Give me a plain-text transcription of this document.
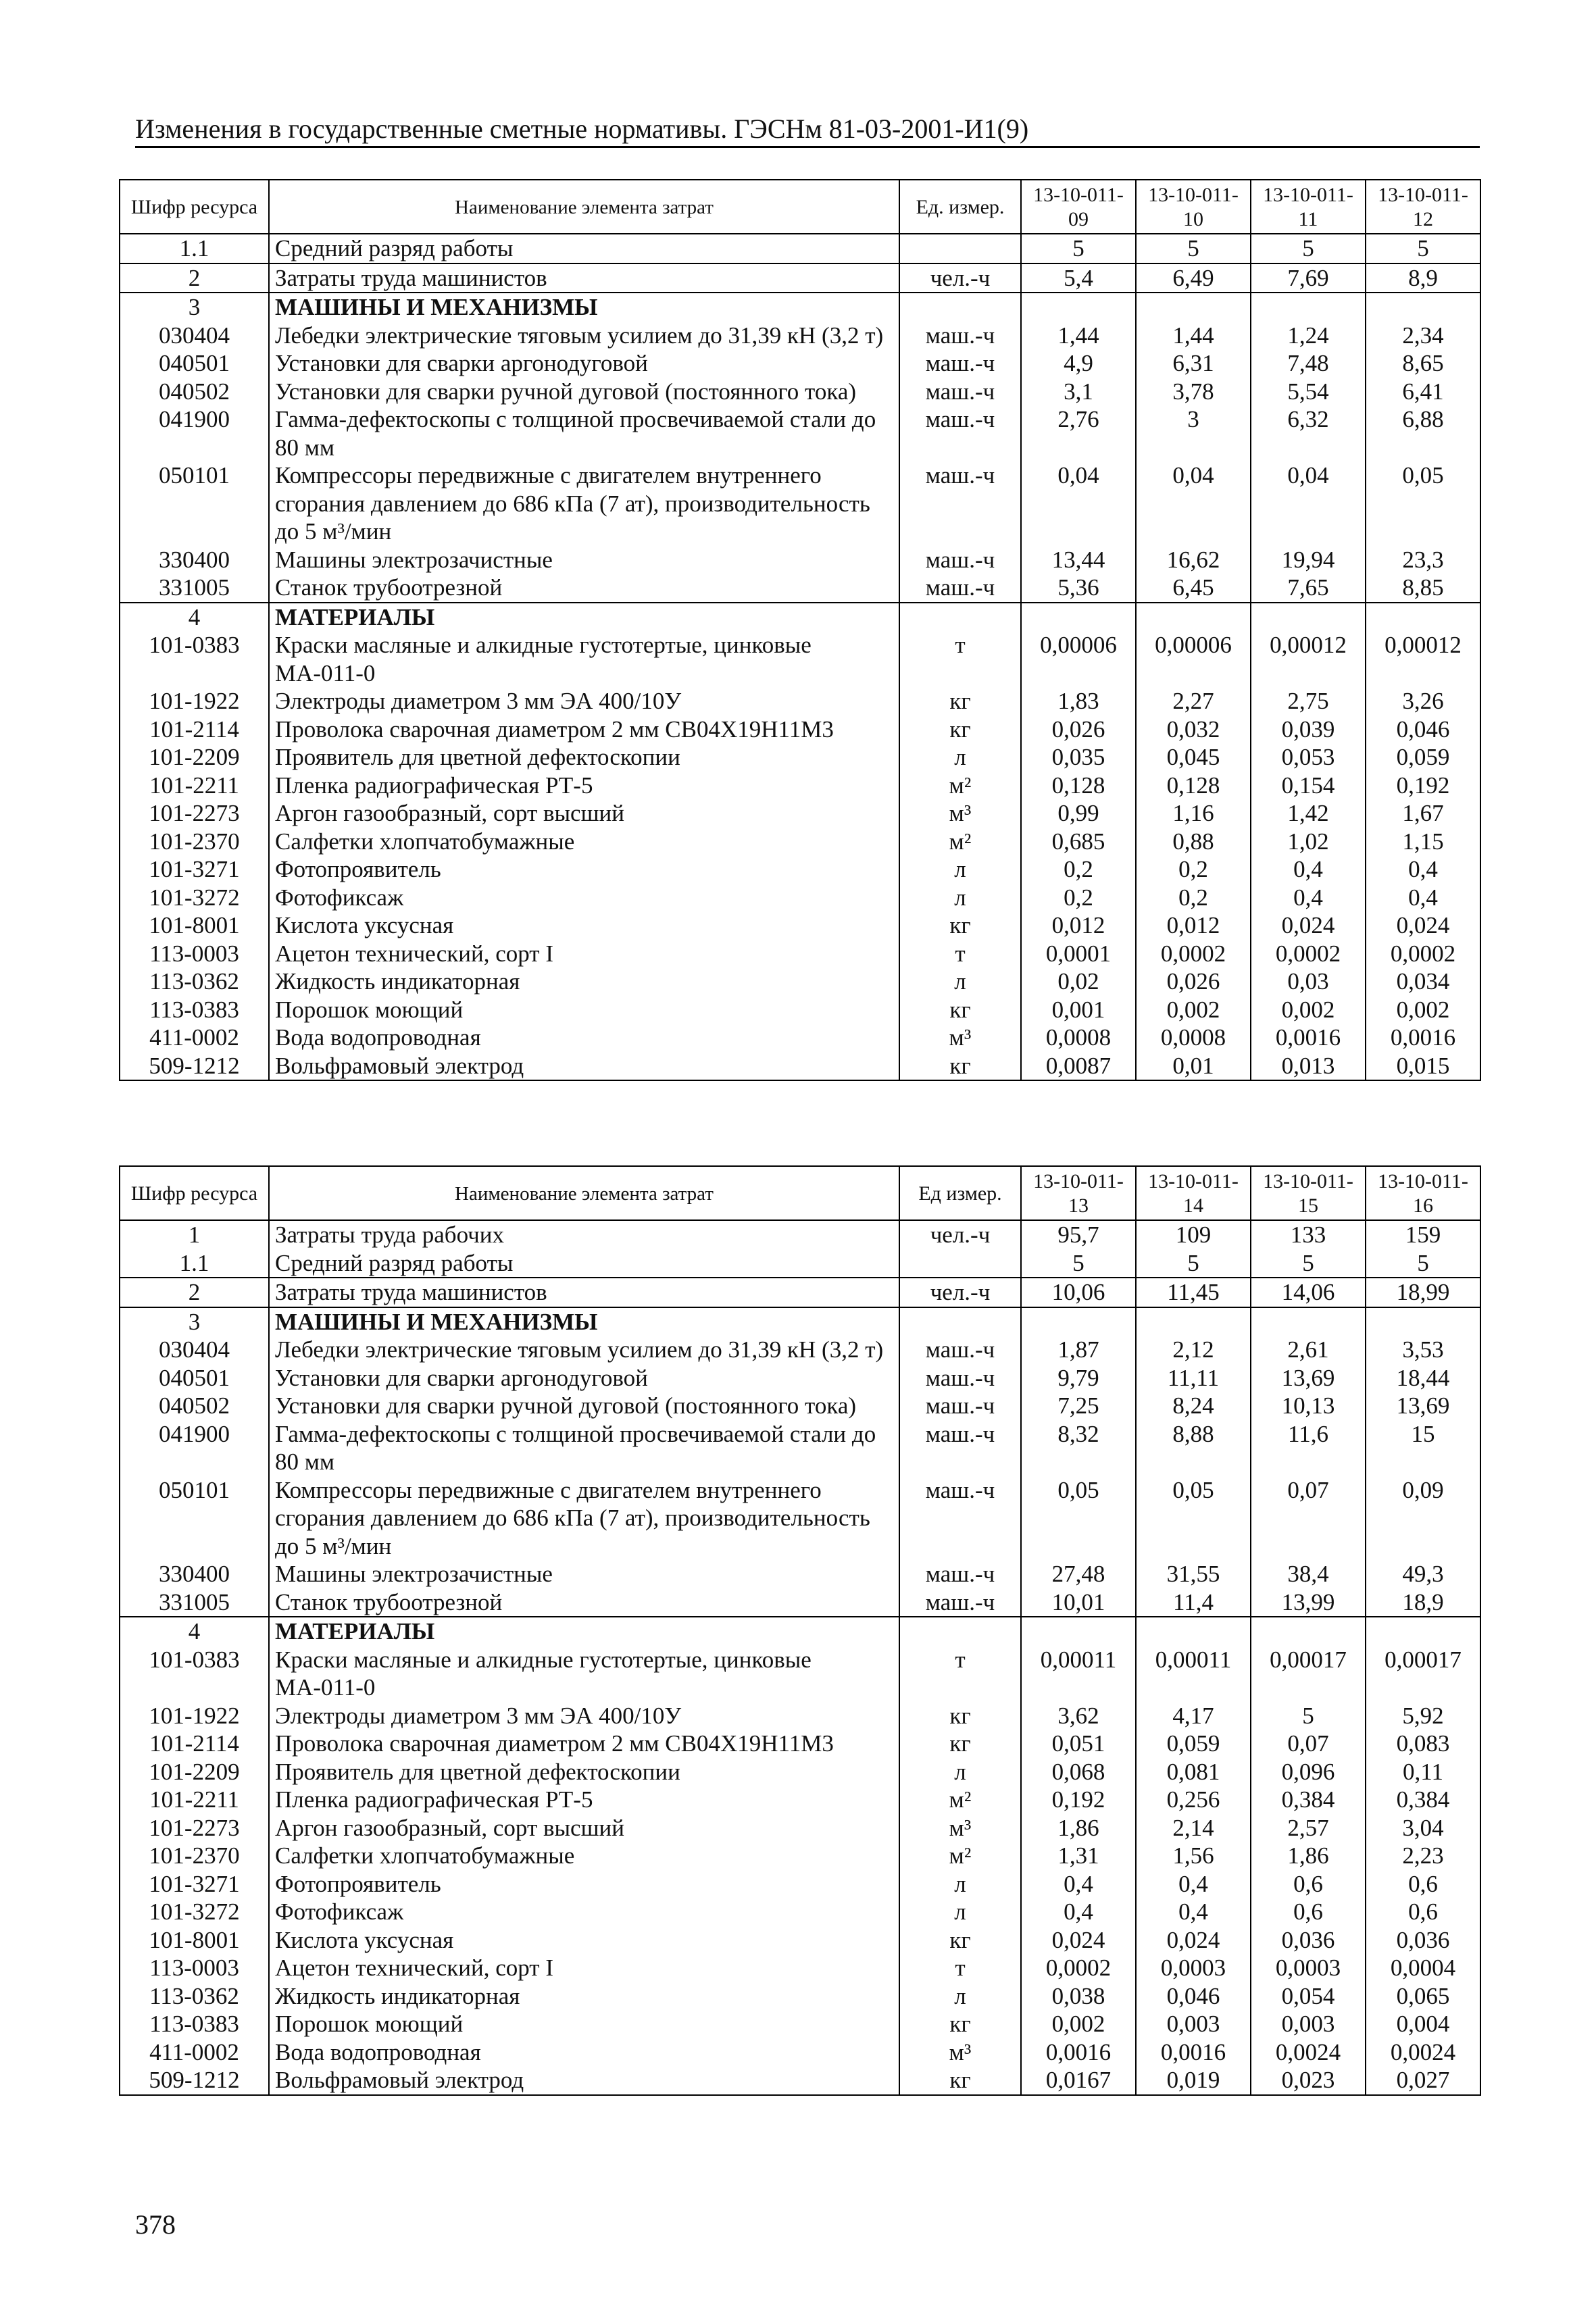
Изменения в государственные сметные нормативы. ГЭСНм 81-03-2001-И1(9)
Шифр ресурса	Наименование элемента затрат	Ед. измер.	13-10-011-09	13-10-011-10	13-10-011-11	13-10-011-12
1.1	Средний разряд работы		5	5	5	5
2	Затраты труда машинистов	чел.-ч	5,4	6,49	7,69	8,9
3	МАШИНЫ И МЕХАНИЗМЫ					
030404	Лебедки электрические тяговым усилием до 31,39 кН (3,2 т)	маш.-ч	1,44	1,44	1,24	2,34
040501	Установки для сварки аргонодуговой	маш.-ч	4,9	6,31	7,48	8,65
040502	Установки для сварки ручной дуговой (постоянного тока)	маш.-ч	3,1	3,78	5,54	6,41
041900	Гамма-дефектоскопы с толщиной просвечиваемой стали до 80 мм	маш.-ч	2,76	3	6,32	6,88
050101	Компрессоры передвижные с двигателем внутреннего сгорания давлением до 686 кПа (7 ат), производительность до 5 м³/мин	маш.-ч	0,04	0,04	0,04	0,05
330400	Машины электрозачистные	маш.-ч	13,44	16,62	19,94	23,3
331005	Станок трубоотрезной	маш.-ч	5,36	6,45	7,65	8,85
4	МАТЕРИАЛЫ					
101-0383	Краски масляные и алкидные густотертые, цинковые МА-011-0	т	0,00006	0,00006	0,00012	0,00012
101-1922	Электроды диаметром 3 мм ЭА 400/10У	кг	1,83	2,27	2,75	3,26
101-2114	Проволока сварочная диаметром 2 мм СВ04Х19Н11М3	кг	0,026	0,032	0,039	0,046
101-2209	Проявитель для цветной дефектоскопии	л	0,035	0,045	0,053	0,059
101-2211	Пленка радиографическая РТ-5	м²	0,128	0,128	0,154	0,192
101-2273	Аргон газообразный, сорт высший	м³	0,99	1,16	1,42	1,67
101-2370	Салфетки хлопчатобумажные	м²	0,685	0,88	1,02	1,15
101-3271	Фотопроявитель	л	0,2	0,2	0,4	0,4
101-3272	Фотофиксаж	л	0,2	0,2	0,4	0,4
101-8001	Кислота уксусная	кг	0,012	0,012	0,024	0,024
113-0003	Ацетон технический, сорт I	т	0,0001	0,0002	0,0002	0,0002
113-0362	Жидкость индикаторная	л	0,02	0,026	0,03	0,034
113-0383	Порошок моющий	кг	0,001	0,002	0,002	0,002
411-0002	Вода водопроводная	м³	0,0008	0,0008	0,0016	0,0016
509-1212	Вольфрамовый электрод	кг	0,0087	0,01	0,013	0,015
Шифр ресурса	Наименование элемента затрат	Ед измер.	13-10-011-13	13-10-011-14	13-10-011-15	13-10-011-16
1	Затраты труда рабочих	чел.-ч	95,7	109	133	159
1.1	Средний разряд работы		5	5	5	5
2	Затраты труда машинистов	чел.-ч	10,06	11,45	14,06	18,99
3	МАШИНЫ И МЕХАНИЗМЫ					
030404	Лебедки электрические тяговым усилием до 31,39 кН (3,2 т)	маш.-ч	1,87	2,12	2,61	3,53
040501	Установки для сварки аргонодуговой	маш.-ч	9,79	11,11	13,69	18,44
040502	Установки для сварки ручной дуговой (постоянного тока)	маш.-ч	7,25	8,24	10,13	13,69
041900	Гамма-дефектоскопы с толщиной просвечиваемой стали до 80 мм	маш.-ч	8,32	8,88	11,6	15
050101	Компрессоры передвижные с двигателем внутреннего сгорания давлением до 686 кПа (7 ат), производительность до 5 м³/мин	маш.-ч	0,05	0,05	0,07	0,09
330400	Машины электрозачистные	маш.-ч	27,48	31,55	38,4	49,3
331005	Станок трубоотрезной	маш.-ч	10,01	11,4	13,99	18,9
4	МАТЕРИАЛЫ					
101-0383	Краски масляные и алкидные густотертые, цинковые МА-011-0	т	0,00011	0,00011	0,00017	0,00017
101-1922	Электроды диаметром 3 мм ЭА 400/10У	кг	3,62	4,17	5	5,92
101-2114	Проволока сварочная диаметром 2 мм СВ04Х19Н11М3	кг	0,051	0,059	0,07	0,083
101-2209	Проявитель для цветной дефектоскопии	л	0,068	0,081	0,096	0,11
101-2211	Пленка радиографическая РТ-5	м²	0,192	0,256	0,384	0,384
101-2273	Аргон газообразный, сорт высший	м³	1,86	2,14	2,57	3,04
101-2370	Салфетки хлопчатобумажные	м²	1,31	1,56	1,86	2,23
101-3271	Фотопроявитель	л	0,4	0,4	0,6	0,6
101-3272	Фотофиксаж	л	0,4	0,4	0,6	0,6
101-8001	Кислота уксусная	кг	0,024	0,024	0,036	0,036
113-0003	Ацетон технический, сорт I	т	0,0002	0,0003	0,0003	0,0004
113-0362	Жидкость индикаторная	л	0,038	0,046	0,054	0,065
113-0383	Порошок моющий	кг	0,002	0,003	0,003	0,004
411-0002	Вода водопроводная	м³	0,0016	0,0016	0,0024	0,0024
509-1212	Вольфрамовый электрод	кг	0,0167	0,019	0,023	0,027
378
